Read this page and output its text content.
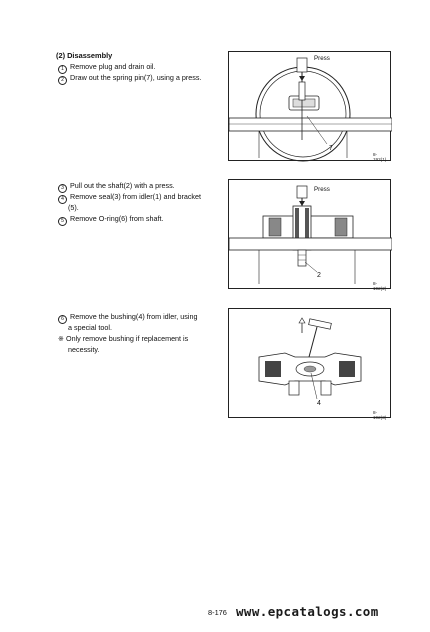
(2) Disassembly
1 Remove plug and drain oil.
2 Draw out the spring pin(7), using a press.
Press
7
8-192(1)
3 Pull out the shaft(2) with a press.
4 Remove seal(3) from idler(1) and bracket
(5).
5 Remove O-ring(6) from shaft.
Press
2
8-192(2)
6 Remove the bushing(4) from idler, using
a special tool.
※ Only remove bushing if replacement is
necessity.
4
8-192(3)
8-176 www.epcatalogs.com
